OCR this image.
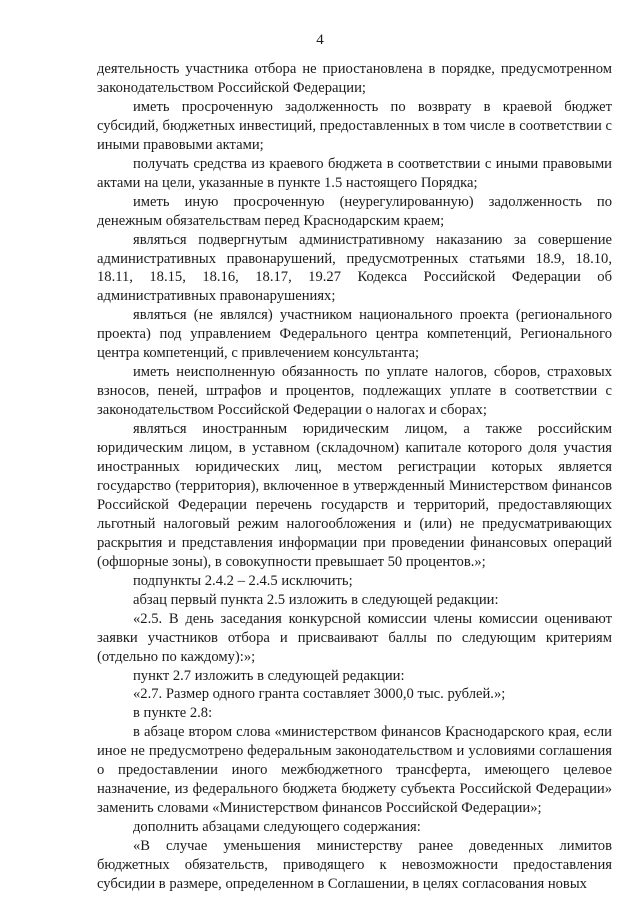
4

деятельность участника отбора не приостановлена в порядке, предусмотренном законодательством Российской Федерации;

иметь просроченную задолженность по возврату в краевой бюджет субсидий, бюджетных инвестиций, предоставленных в том числе в соответствии с иными правовыми актами;

получать средства из краевого бюджета в соответствии с иными правовыми актами на цели, указанные в пункте 1.5 настоящего Порядка;

иметь иную просроченную (неурегулированную) задолженность по денежным обязательствам перед Краснодарским краем;

являться подвергнутым административному наказанию за совершение административных правонарушений, предусмотренных статьями 18.9, 18.10, 18.11, 18.15, 18.16, 18.17, 19.27 Кодекса Российской Федерации об административных правонарушениях;

являться (не являлся) участником национального проекта (регионального проекта) под управлением Федерального центра компетенций, Регионального центра компетенций, с привлечением консультанта;

иметь неисполненную обязанность по уплате налогов, сборов, страховых взносов, пеней, штрафов и процентов, подлежащих уплате в соответствии с законодательством Российской Федерации о налогах и сборах;

являться иностранным юридическим лицом, а также российским юридическим лицом, в уставном (складочном) капитале которого доля участия иностранных юридических лиц, местом регистрации которых является государство (территория), включенное в утвержденный Министерством финансов Российской Федерации перечень государств и территорий, предоставляющих льготный налоговый режим налогообложения и (или) не предусматривающих раскрытия и представления информации при проведении финансовых операций (офшорные зоны), в совокупности превышает 50 процентов.»;

подпункты 2.4.2 – 2.4.5 исключить;

абзац первый пункта 2.5 изложить в следующей редакции:

«2.5. В день заседания конкурсной комиссии члены комиссии оценивают заявки участников отбора и присваивают баллы по следующим критериям (отдельно по каждому):»;

пункт 2.7 изложить в следующей редакции:

«2.7. Размер одного гранта составляет 3000,0 тыс. рублей.»;

в пункте 2.8:

в абзаце втором слова «министерством финансов Краснодарского края, если иное не предусмотрено федеральным законодательством и условиями соглашения о предоставлении иного межбюджетного трансферта, имеющего целевое назначение, из федерального бюджета бюджету субъекта Российской Федерации» заменить словами «Министерством финансов Российской Федерации»;

дополнить абзацами следующего содержания:

«В случае уменьшения министерству ранее доведенных лимитов бюджетных обязательств, приводящего к невозможности предоставления субсидии в размере, определенном в Соглашении, в целях согласования новых
